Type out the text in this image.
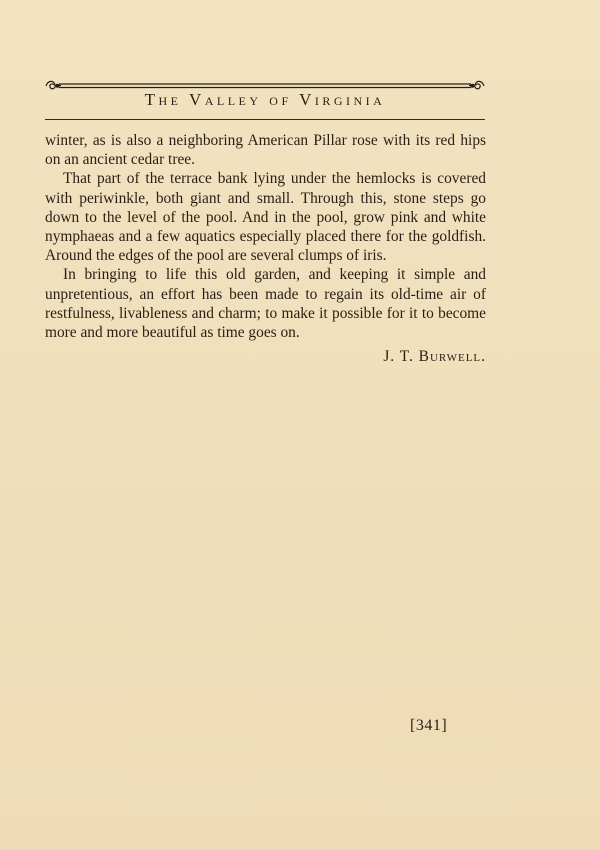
The Valley of Virginia

winter, as is also a neighboring American Pillar rose with its red hips on an ancient cedar tree.

That part of the terrace bank lying under the hemlocks is covered with periwinkle, both giant and small. Through this, stone steps go down to the level of the pool. And in the pool, grow pink and white nymphaeas and a few aquatics especially placed there for the goldfish. Around the edges of the pool are several clumps of iris.

In bringing to life this old garden, and keeping it simple and unpretentious, an effort has been made to regain its old-time air of restfulness, livableness and charm; to make it possible for it to become more and more beautiful as time goes on.

J. T. Burwell.
[341]
